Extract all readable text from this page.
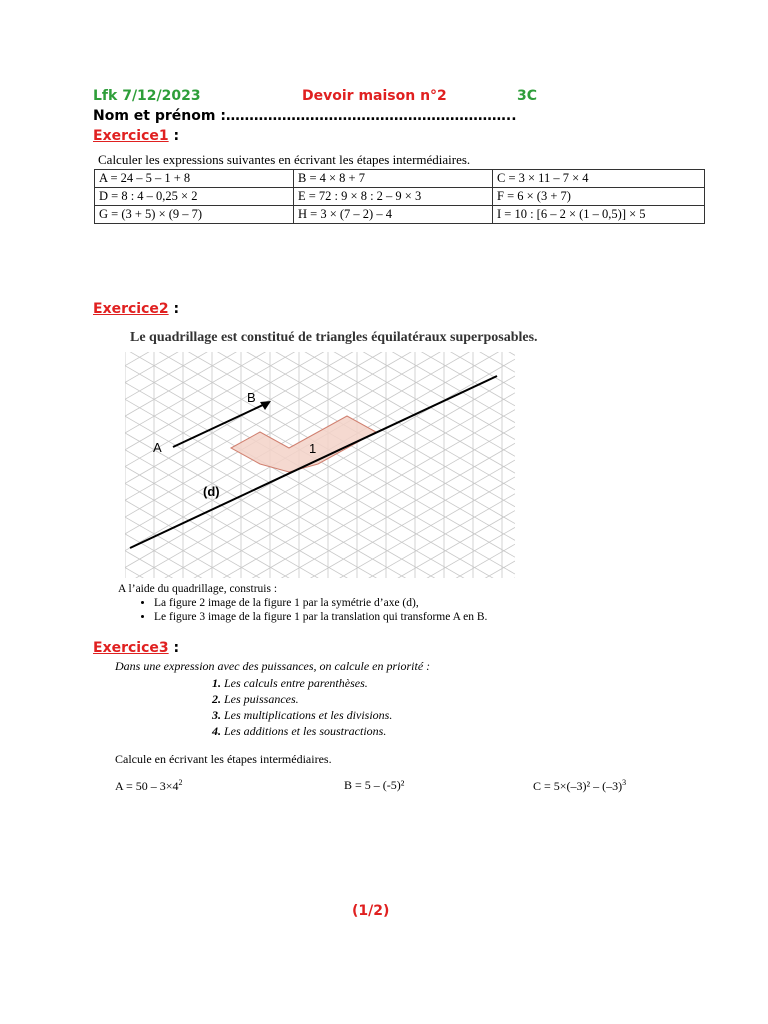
Lfk 7/12/2023	Devoir maison n°2	3C
Nom et prénom :……………………………………………………..
Exercice1 :
Calculer les expressions suivantes en écrivant les étapes intermédiaires.
A = 24 – 5 – 1 + 8	B = 4 × 8 + 7	C = 3 × 11 – 7 × 4
D = 8 : 4 – 0,25 × 2	E = 72 : 9 × 8 : 2 – 9 × 3	F = 6 × (3 + 7)
G = (3 + 5) × (9 – 7)	H = 3 × (7 – 2) – 4	I = 10 : [6 – 2 × (1 – 0,5)] × 5
Exercice2 :
Le quadrillage est constitué de triangles équilatéraux superposables.
A
B
(d)
1
A l’aide du quadrillage, construis :
• La figure 2 image de la figure 1 par la symétrie d’axe (d),
• Le figure 3 image de la figure 1 par la translation qui transforme A en B.
Exercice3 :
Dans une expression avec des puissances, on calcule en priorité :
1. Les calculs entre parenthèses.
2. Les puissances.
3. Les multiplications et les divisions.
4. Les additions et les soustractions.
Calcule en écrivant les étapes intermédiaires.
$A = 50 - 3\times 4^2$	B = 5 – (-5)²	$C = 5\times(-3)^2 - (-3)^3$
(1/2)
